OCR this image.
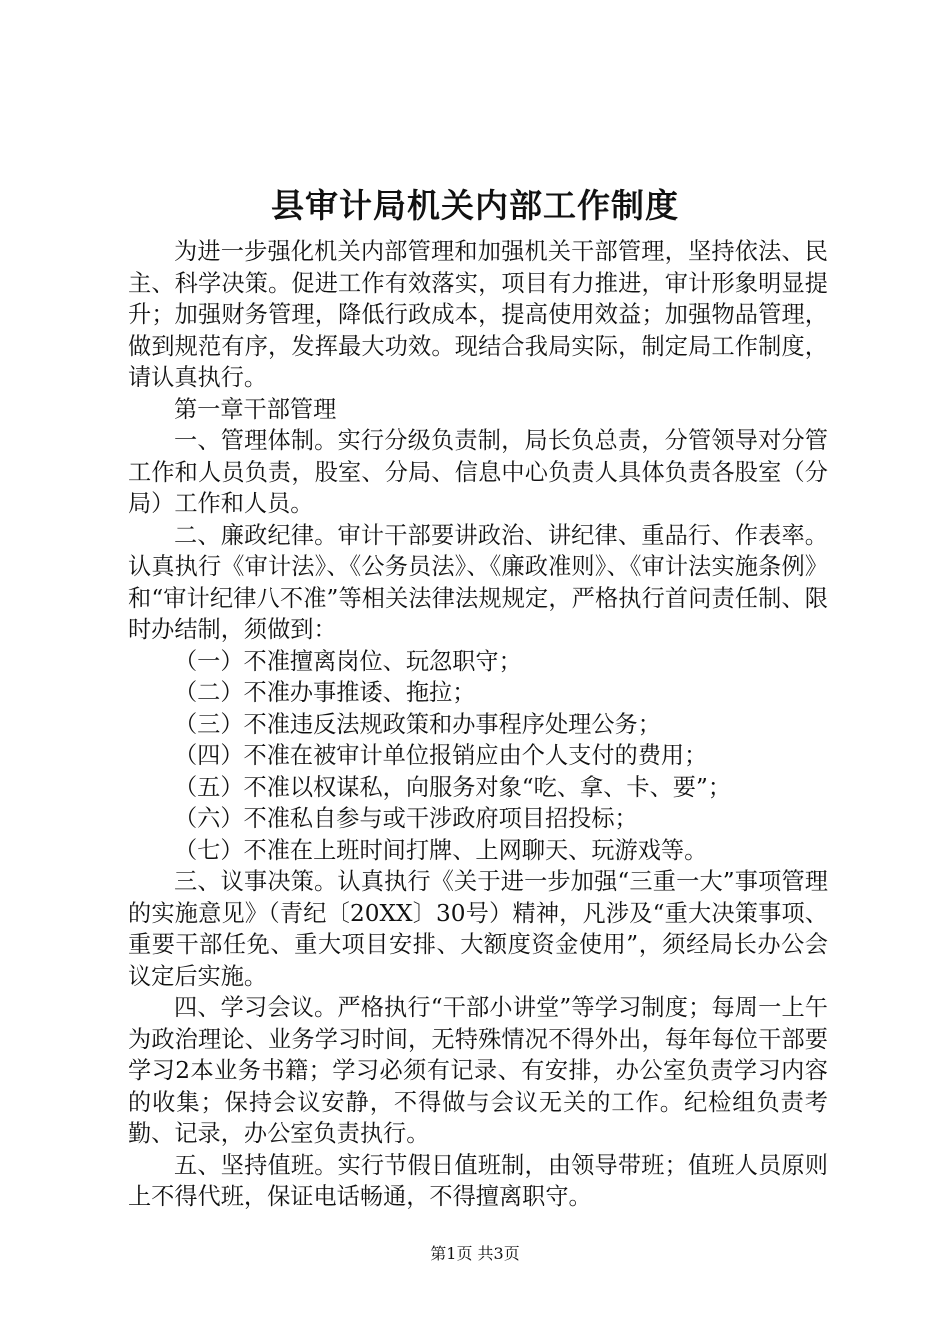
县审计局机关内部工作制度

为进一步强化机关内部管理和加强机关干部管理，坚持依法、民主、科学决策。促进工作有效落实，项目有力推进，审计形象明显提升；加强财务管理，降低行政成本，提高使用效益；加强物品管理，做到规范有序，发挥最大功效。现结合我局实际，制定局工作制度，请认真执行。

第一章干部管理

一、管理体制。实行分级负责制，局长负总责，分管领导对分管工作和人员负责，股室、分局、信息中心负责人具体负责各股室（分局）工作和人员。

二、廉政纪律。审计干部要讲政治、讲纪律、重品行、作表率。认真执行《审计法》、《公务员法》、《廉政准则》、《审计法实施条例》和“审计纪律八不准”等相关法律法规规定，严格执行首问责任制、限时办结制，须做到：

（一）不准擅离岗位、玩忽职守；

（二）不准办事推诿、拖拉；

（三）不准违反法规政策和办事程序处理公务；

（四）不准在被审计单位报销应由个人支付的费用；

（五）不准以权谋私，向服务对象“吃、拿、卡、要”；

（六）不准私自参与或干涉政府项目招投标；

（七）不准在上班时间打牌、上网聊天、玩游戏等。

三、议事决策。认真执行《关于进一步加强“三重一大”事项管理的实施意见》（青纪〔20XX〕30号）精神，凡涉及“重大决策事项、重要干部任免、重大项目安排、大额度资金使用”，须经局长办公会议定后实施。

四、学习会议。严格执行“干部小讲堂”等学习制度；每周一上午为政治理论、业务学习时间，无特殊情况不得外出，每年每位干部要学习2本业务书籍；学习必须有记录、有安排，办公室负责学习内容的收集；保持会议安静，不得做与会议无关的工作。纪检组负责考勤、记录，办公室负责执行。

五、坚持值班。实行节假日值班制，由领导带班；值班人员原则上不得代班，保证电话畅通，不得擅离职守。

第1页 共3页
